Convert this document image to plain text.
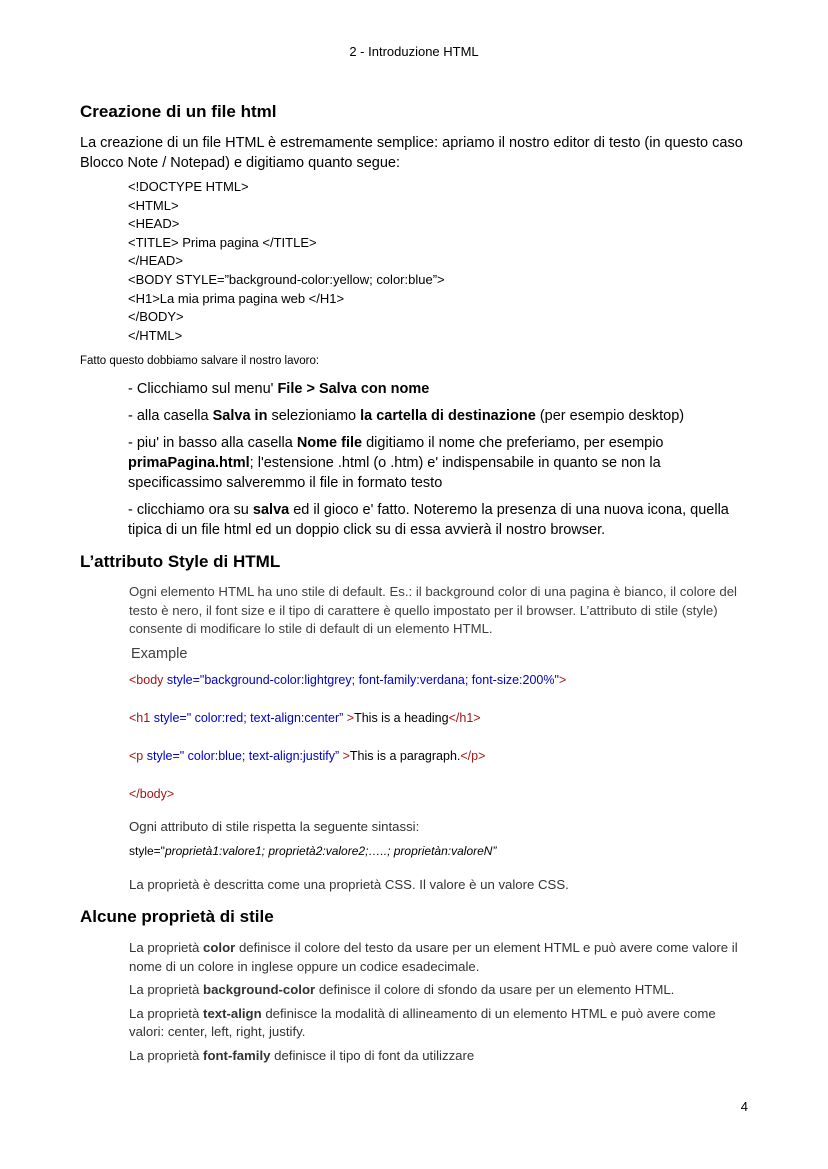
2 - Introduzione HTML
Creazione di un file html
La creazione di un file HTML è estremamente semplice: apriamo il nostro editor di testo (in questo caso Blocco Note / Notepad) e digitiamo quanto segue:
<!DOCTYPE HTML>
<HTML>
<HEAD>
<TITLE> Prima pagina </TITLE>
</HEAD>
<BODY STYLE=”background-color:yellow; color:blue”>
<H1>La mia prima pagina web </H1>
</BODY>
</HTML>
Fatto questo dobbiamo salvare il nostro lavoro:

- Clicchiamo sul menu' File > Salva con nome

- alla casella Salva in selezioniamo la cartella di destinazione (per esempio desktop)

- piu' in basso alla casella Nome file digitiamo il nome che preferiamo, per esempio primaPagina.html; l'estensione .html (o .htm) e' indispensabile in quanto se non la specificassimo salveremmo il file in formato testo

- clicchiamo ora su salva ed il gioco e' fatto. Noteremo la presenza di una nuova icona, quella tipica di un file html ed un doppio click su di essa avvierà il nostro browser.

L’attributo Style di HTML
Ogni elemento HTML ha uno stile di default. Es.: il background color di una pagina è bianco, il colore del testo è nero, il font size e il tipo di carattere è quello impostato per il browser. L’attributo di stile (style) consente di modificare lo stile di default di un elemento HTML.
Example
<body style="background-color:lightgrey; font-family:verdana; font-size:200%">
<h1 style=" color:red; text-align:center” >This is a heading</h1>
<p style=" color:blue; text-align:justify” >This is a paragraph.</p>
</body>
Ogni attributo di stile rispetta la seguente sintassi:
style="proprietà1:valore1; proprietà2:valore2;…..; proprietàn:valoreN”
La proprietà è descritta come una proprietà CSS. Il valore è un valore CSS.
Alcune proprietà di stile

La proprietà color definisce il colore del testo da usare per un element HTML e può avere come valore il nome di un colore in inglese oppure un codice esadecimale.

La proprietà background-color definisce il colore di sfondo da usare per un elemento HTML.

La proprietà text-align definisce la modalità di allineamento di un elemento HTML e può avere come valori: center, left, right, justify.

La proprietà font-family definisce il tipo di font da utilizzare

4
